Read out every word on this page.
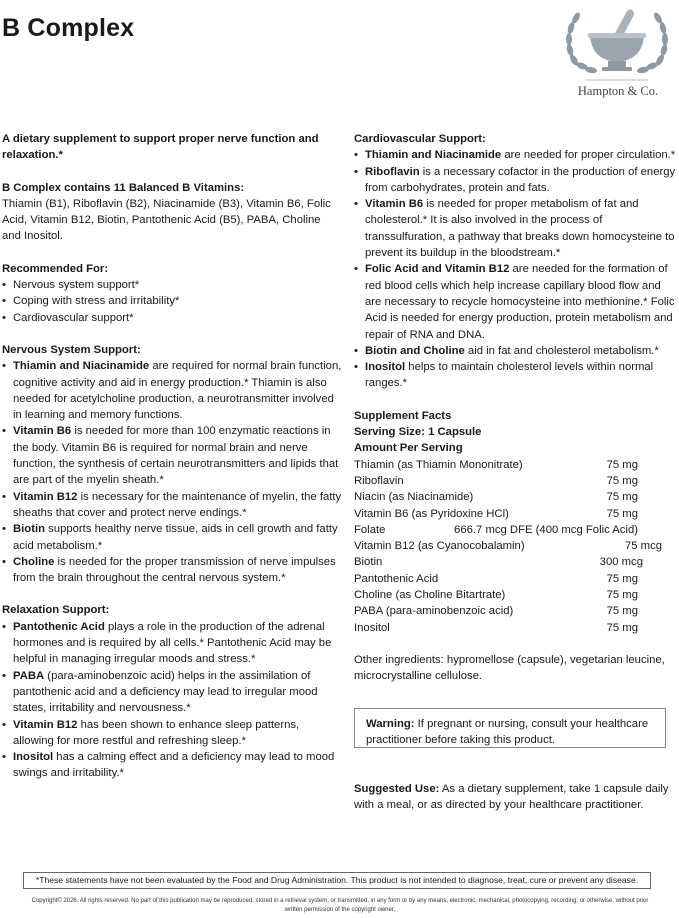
B Complex
Hampton & Co.

A dietary supplement to support proper nerve function and relaxation.*

B Complex contains 11 Balanced B Vitamins:

Thiamin (B1), Riboflavin (B2), Niacinamide (B3), Vitamin B6, Folic Acid, Vitamin B12, Biotin, Pantothenic Acid (B5), PABA, Choline and Inositol.

Recommended For:

• Nervous system support*
• Coping with stress and irritability*
• Cardiovascular support*

Nervous System Support:

• Thiamin and Niacinamide are required for normal brain function, cognitive activity and aid in energy production.* Thiamin is also needed for acetylcholine production, a neurotransmitter involved in learning and memory functions.
• Vitamin B6 is needed for more than 100 enzymatic reactions in the body. Vitamin B6 is required for normal brain and nerve function, the synthesis of certain neurotransmitters and lipids that are part of the myelin sheath.*
• Vitamin B12 is necessary for the maintenance of myelin, the fatty sheaths that cover and protect nerve endings.*
• Biotin supports healthy nerve tissue, aids in cell growth and fatty acid metabolism.*
• Choline is needed for the proper transmission of nerve impulses from the brain throughout the central nervous system.*

Relaxation Support:

• Pantothenic Acid plays a role in the production of the adrenal hormones and is required by all cells.* Pantothenic Acid may be helpful in managing irregular moods and stress.*
• PABA (para-aminobenzoic acid) helps in the assimilation of pantothenic acid and a deficiency may lead to irregular mood states, irritability and nervousness.*
• Vitamin B12 has been shown to enhance sleep patterns, allowing for more restful and refreshing sleep.*
• Inositol has a calming effect and a deficiency may lead to mood swings and irritability.*

Cardiovascular Support:

• Thiamin and Niacinamide are needed for proper circulation.*
• Riboflavin is a necessary cofactor in the production of energy from carbohydrates, protein and fats.
• Vitamin B6 is needed for proper metabolism of fat and cholesterol.* It is also involved in the process of transsulfuration, a pathway that breaks down homocysteine to prevent its buildup in the bloodstream.*
• Folic Acid and Vitamin B12 are needed for the formation of red blood cells which help increase capillary blood flow and are necessary to recycle homocysteine into methionine.* Folic Acid is needed for energy production, protein metabolism and repair of RNA and DNA.
• Biotin and Choline aid in fat and cholesterol metabolism.*
• Inositol helps to maintain cholesterol levels within normal ranges.*

Supplement Facts

Serving Size: 1 Capsule

Amount Per Serving

Thiamin (as Thiamin Mononitrate)	75 mg
Riboflavin	75 mg
Niacin (as Niacinamide)	75 mg
Vitamin B6 (as Pyridoxine HCl)	75 mg
Folate	666.7 mcg DFE (400 mcg Folic Acid)
Vitamin B12 (as Cyanocobalamin)	75 mcg
Biotin	300 mcg
Pantothenic Acid	75 mg
Choline (as Choline Bitartrate)	75 mg
PABA (para-aminobenzoic acid)	75 mg
Inositol	75 mg

Other ingredients: hypromellose (capsule), vegetarian leucine, microcrystalline cellulose.

Warning: If pregnant or nursing, consult your healthcare practitioner before taking this product.
Suggested Use: As a dietary supplement, take 1 capsule daily with a meal, or as directed by your healthcare practitioner.
*These statements have not been evaluated by the Food and Drug Administration. This product is not intended to diagnose, treat, cure or prevent any disease.
Copyright© 2026. All rights reserved. No part of this publication may be reproduced, stored in a retrieval system, or transmitted, in any form or by any means, electronic, mechanical, photocopying, recording, or otherwise, without prior written permission of the copyright owner.
